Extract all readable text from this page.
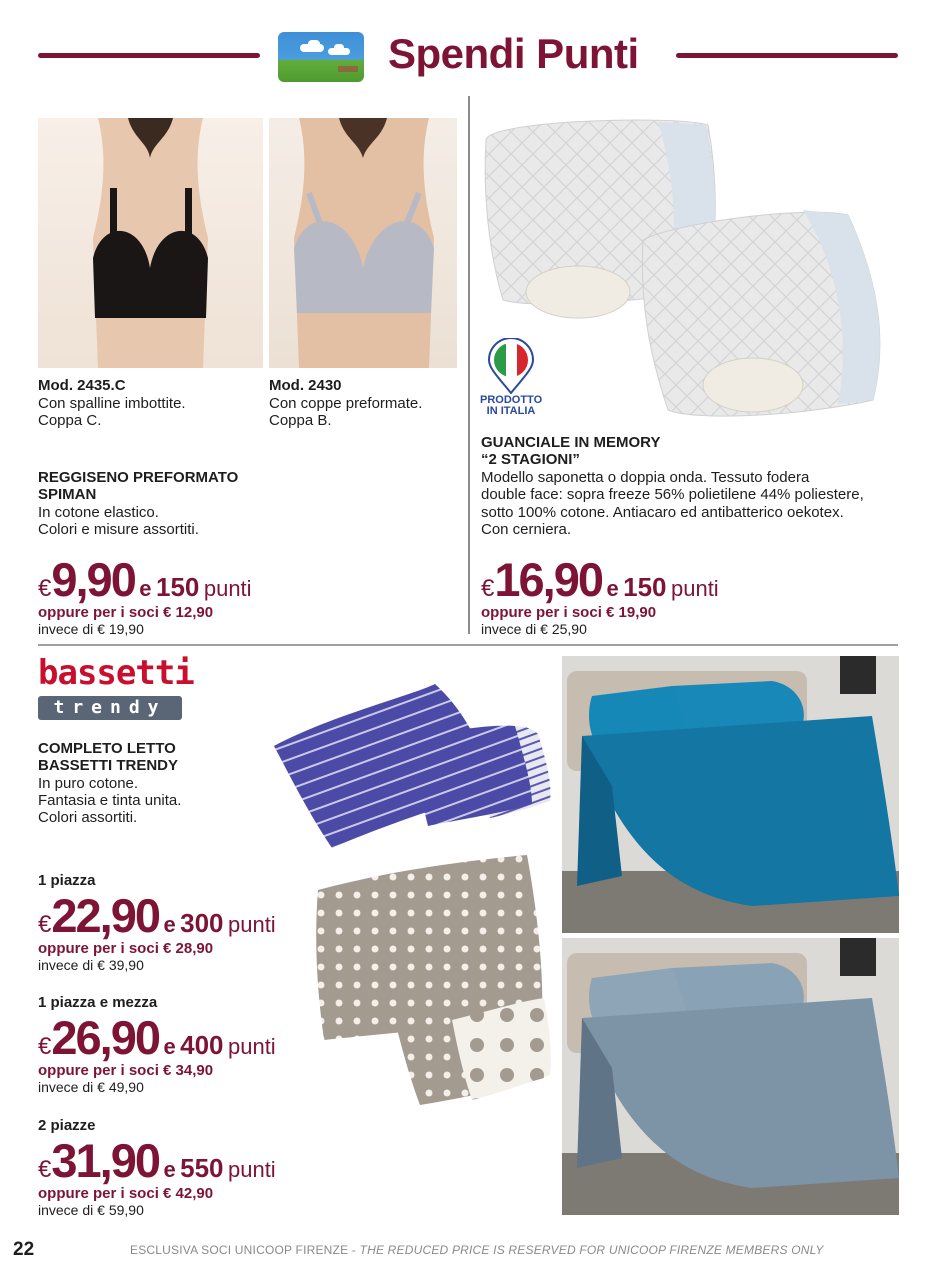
Spendi Punti
Mod. 2435.C
Con spalline imbottite.
Coppa C.
Mod. 2430
Con coppe preformate.
Coppa B.
REGGISENO PREFORMATO
SPIMAN
In cotone elastico.
Colori e misure assortiti.
€9,90 e 150 punti
oppure per i soci € 12,90
invece di € 19,90
PRODOTTO
IN ITALIA
GUANCIALE IN MEMORY
“2 STAGIONI”
Modello saponetta o doppia onda. Tessuto fodera
double face: sopra freeze 56% polietilene 44% poliestere,
sotto 100% cotone. Antiacaro ed antibatterico oekotex.
Con cerniera.
€16,90 e 150 punti
oppure per i soci € 19,90
invece di € 25,90
bassetti
trendy
COMPLETO LETTO
BASSETTI TRENDY
In puro cotone.
Fantasia e tinta unita.
Colori assortiti.
1 piazza
€22,90 e 300 punti
oppure per i soci € 28,90
invece di € 39,90
1 piazza e mezza
€26,90 e 400 punti
oppure per i soci € 34,90
invece di € 49,90
2 piazze
€31,90 e 550 punti
oppure per i soci € 42,90
invece di € 59,90
22	ESCLUSIVA SOCI UNICOOP FIRENZE - THE REDUCED PRICE IS RESERVED FOR UNICOOP FIRENZE MEMBERS ONLY
